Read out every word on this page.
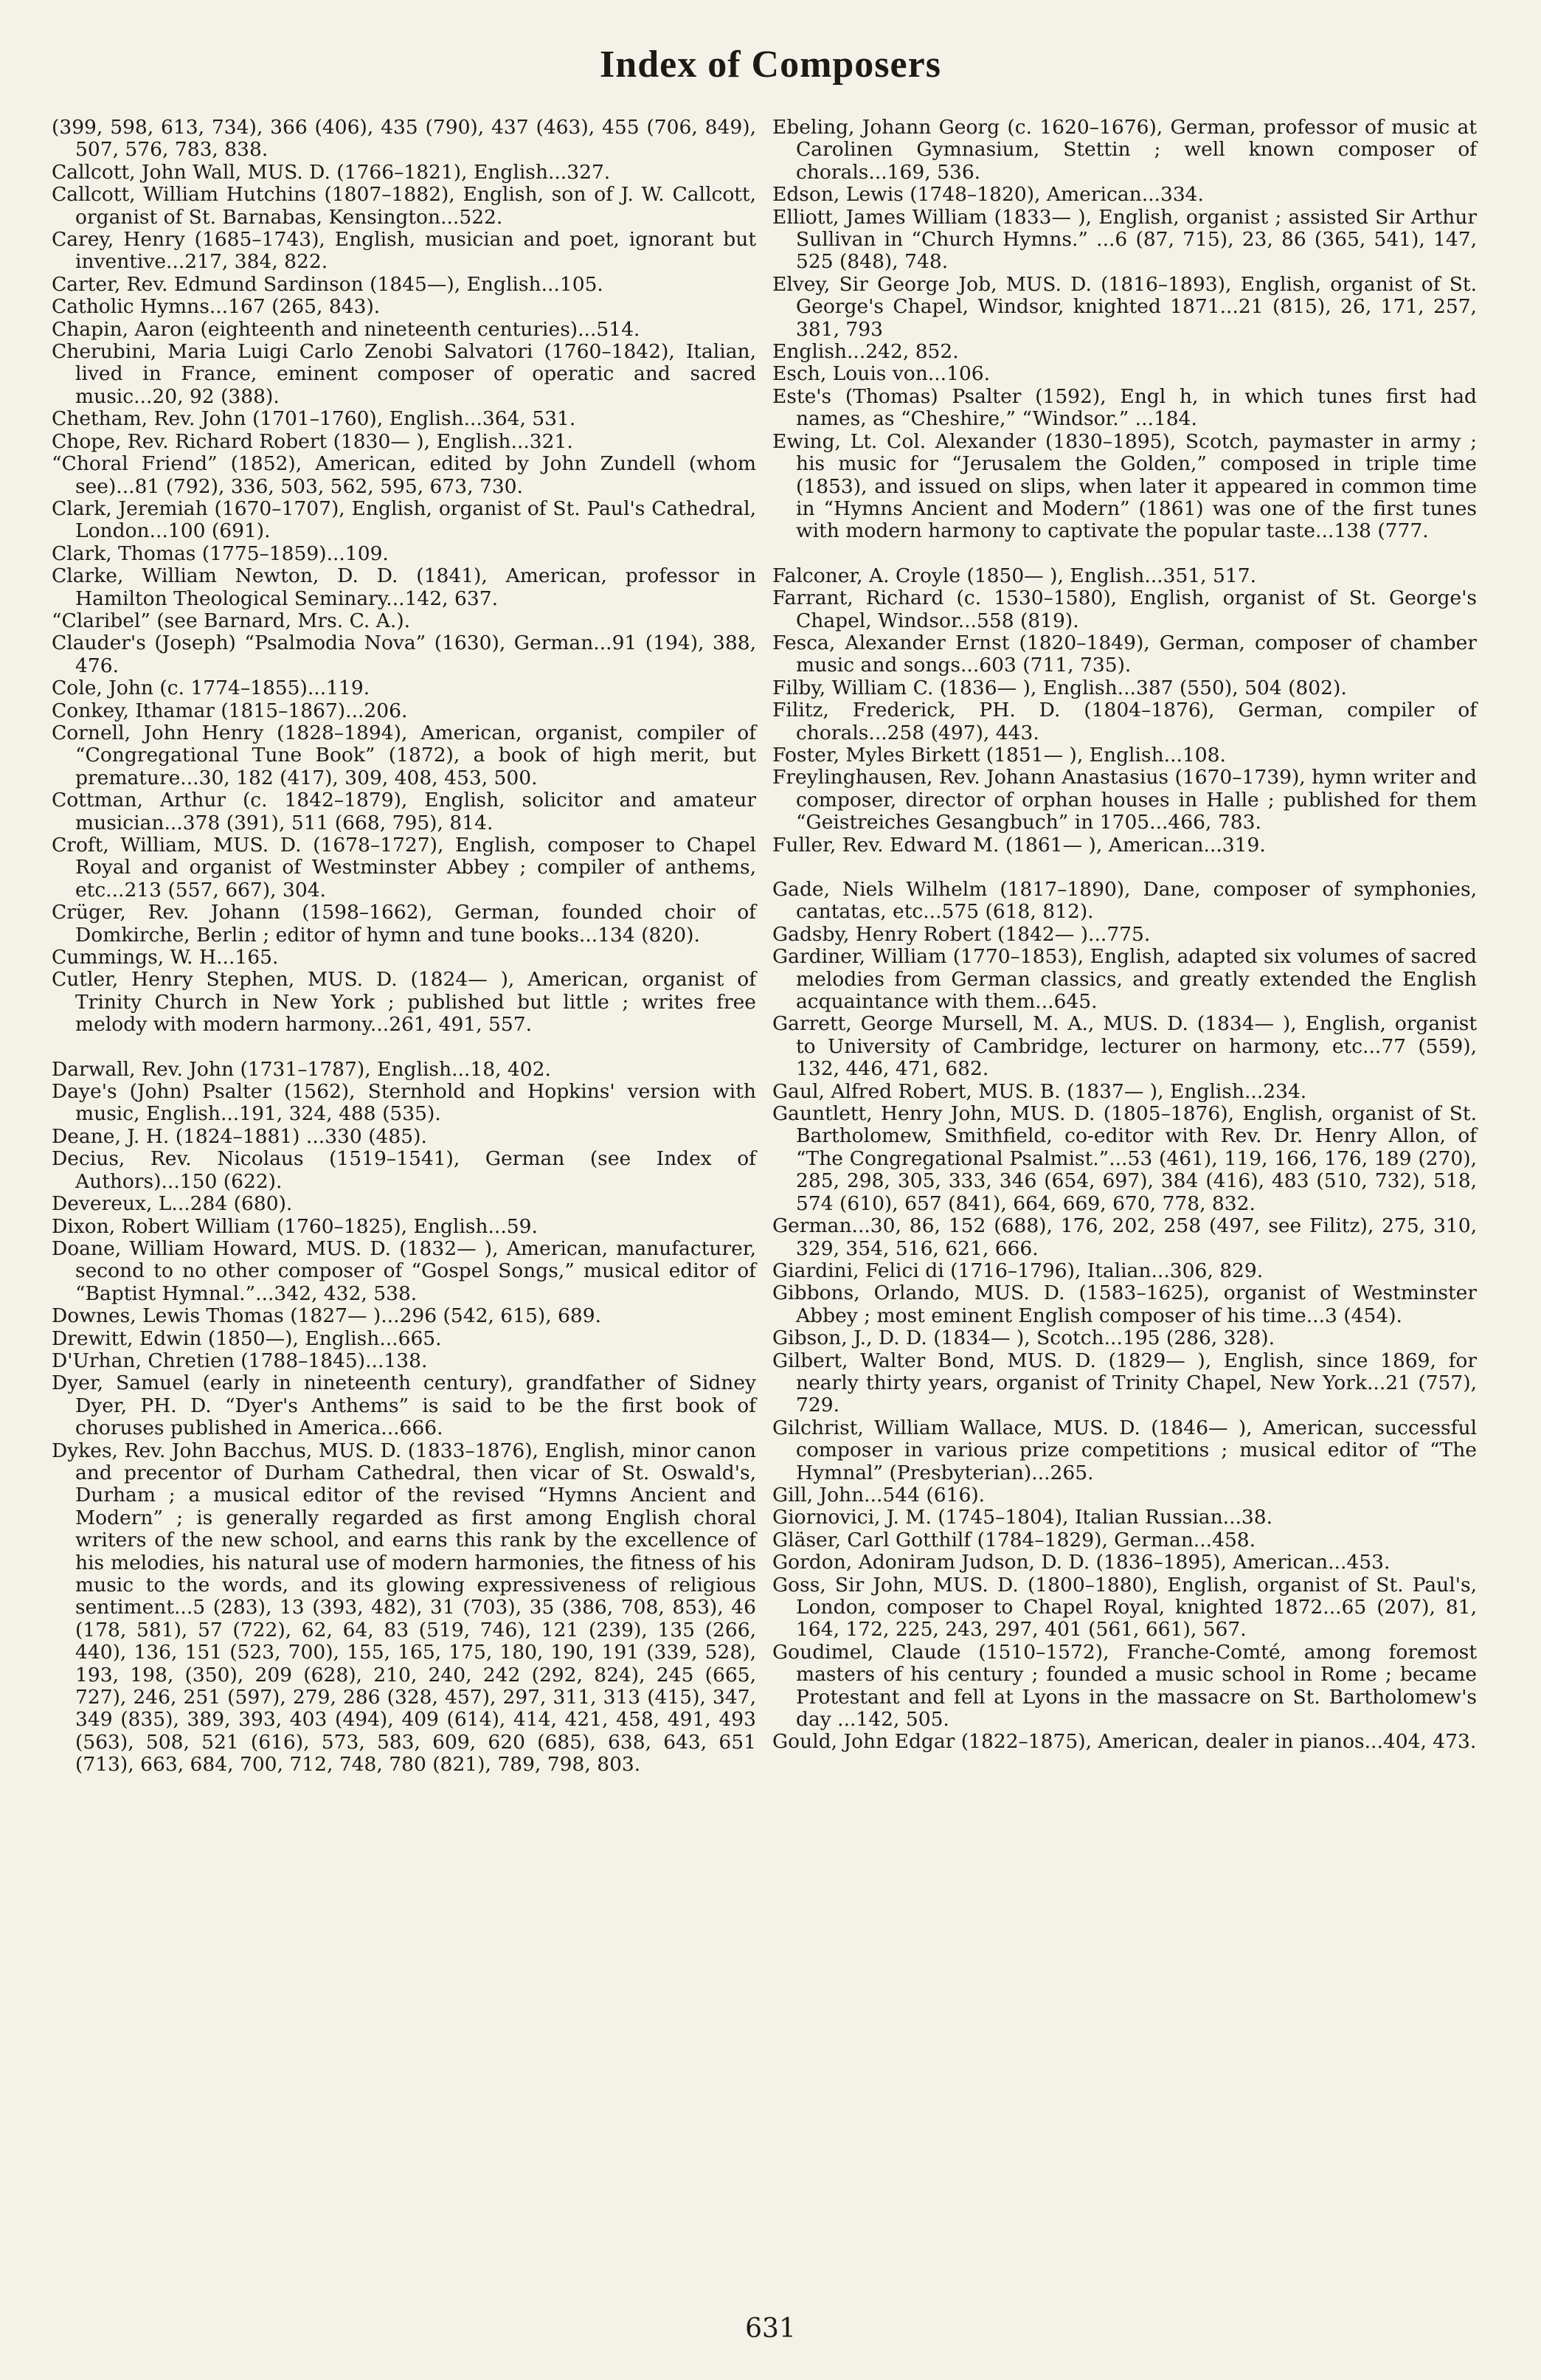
Index of Composers

(399, 598, 613, 734), 366 (406), 435 (790), 437 (463), 455 (706, 849), 507, 576, 783, 838.

Callcott, John Wall, MUS. D. (1766–1821), English...327.

Callcott, William Hutchins (1807–1882), English, son of J. W. Callcott, organist of St. Barnabas, Kensington...522.

Carey, Henry (1685–1743), English, musician and poet, ignorant but inventive...217, 384, 822.

Carter, Rev. Edmund Sardinson (1845—), English...105.

Catholic Hymns...167 (265, 843).

Chapin, Aaron (eighteenth and nineteenth centuries)...514.

Cherubini, Maria Luigi Carlo Zenobi Salvatori (1760–1842), Italian, lived in France, eminent composer of operatic and sacred music...20, 92 (388).

Chetham, Rev. John (1701–1760), English...364, 531.

Chope, Rev. Richard Robert (1830— ), English...321.

“Choral Friend” (1852), American, edited by John Zundell (whom see)...81 (792), 336, 503, 562, 595, 673, 730.

Clark, Jeremiah (1670–1707), English, organist of St. Paul's Cathedral, London...100 (691).

Clark, Thomas (1775–1859)...109.

Clarke, William Newton, D. D. (1841), American, professor in Hamilton Theological Seminary...142, 637.

“Claribel” (see Barnard, Mrs. C. A.).

Clauder's (Joseph) “Psalmodia Nova” (1630), German...91 (194), 388, 476.

Cole, John (c. 1774–1855)...119.

Conkey, Ithamar (1815–1867)...206.

Cornell, John Henry (1828–1894), American, organist, compiler of “Congregational Tune Book” (1872), a book of high merit, but premature...30, 182 (417), 309, 408, 453, 500.

Cottman, Arthur (c. 1842–1879), English, solicitor and amateur musician...378 (391), 511 (668, 795), 814.

Croft, William, MUS. D. (1678–1727), English, composer to Chapel Royal and organist of Westminster Abbey ; compiler of anthems, etc...213 (557, 667), 304.

Crüger, Rev. Johann (1598–1662), German, founded choir of Domkirche, Berlin ; editor of hymn and tune books...134 (820).

Cummings, W. H...165.

Cutler, Henry Stephen, MUS. D. (1824— ), American, organist of Trinity Church in New York ; published but little ; writes free melody with modern harmony...261, 491, 557.

Darwall, Rev. John (1731–1787), English...18, 402.

Daye's (John) Psalter (1562), Sternhold and Hopkins' version with music, English...191, 324, 488 (535).

Deane, J. H. (1824–1881) ...330 (485).

Decius, Rev. Nicolaus (1519–1541), German (see Index of Authors)...150 (622).

Devereux, L...284 (680).

Dixon, Robert William (1760–1825), English...59.

Doane, William Howard, MUS. D. (1832— ), American, manufacturer, second to no other composer of “Gospel Songs,” musical editor of “Baptist Hymnal.”...342, 432, 538.

Downes, Lewis Thomas (1827— )...296 (542, 615), 689.

Drewitt, Edwin (1850—), English...665.

D'Urhan, Chretien (1788–1845)...138.

Dyer, Samuel (early in nineteenth century), grandfather of Sidney Dyer, PH. D. “Dyer's Anthems” is said to be the first book of choruses published in America...666.

Dykes, Rev. John Bacchus, MUS. D. (1833–1876), English, minor canon and precentor of Durham Cathedral, then vicar of St. Oswald's, Durham ; a musical editor of the revised “Hymns Ancient and Modern” ; is generally regarded as first among English choral writers of the new school, and earns this rank by the excellence of his melodies, his natural use of modern harmonies, the fitness of his music to the words, and its glowing expressiveness of religious sentiment...5 (283), 13 (393, 482), 31 (703), 35 (386, 708, 853), 46 (178, 581), 57 (722), 62, 64, 83 (519, 746), 121 (239), 135 (266, 440), 136, 151 (523, 700), 155, 165, 175, 180, 190, 191 (339, 528), 193, 198, (350), 209 (628), 210, 240, 242 (292, 824), 245 (665, 727), 246, 251 (597), 279, 286 (328, 457), 297, 311, 313 (415), 347, 349 (835), 389, 393, 403 (494), 409 (614), 414, 421, 458, 491, 493 (563), 508, 521 (616), 573, 583, 609, 620 (685), 638, 643, 651 (713), 663, 684, 700, 712, 748, 780 (821), 789, 798, 803.

Ebeling, Johann Georg (c. 1620–1676), German, professor of music at Carolinen Gymnasium, Stettin ; well known composer of chorals...169, 536.

Edson, Lewis (1748–1820), American...334.

Elliott, James William (1833— ), English, organist ; assisted Sir Arthur Sullivan in “Church Hymns.” ...6 (87, 715), 23, 86 (365, 541), 147, 525 (848), 748.

Elvey, Sir George Job, MUS. D. (1816–1893), English, organist of St. George's Chapel, Windsor, knighted 1871...21 (815), 26, 171, 257, 381, 793

English...242, 852.

Esch, Louis von...106.

Este's (Thomas) Psalter (1592), Engl h, in which tunes first had names, as “Cheshire,” “Windsor.” ...184.

Ewing, Lt. Col. Alexander (1830–1895), Scotch, paymaster in army ; his music for “Jerusalem the Golden,” composed in triple time (1853), and issued on slips, when later it appeared in common time in “Hymns Ancient and Modern” (1861) was one of the first tunes with modern harmony to captivate the popular taste...138 (777.

Falconer, A. Croyle (1850— ), English...351, 517.

Farrant, Richard (c. 1530–1580), English, organist of St. George's Chapel, Windsor...558 (819).

Fesca, Alexander Ernst (1820–1849), German, composer of chamber music and songs...603 (711, 735).

Filby, William C. (1836— ), English...387 (550), 504 (802).

Filitz, Frederick, PH. D. (1804–1876), German, compiler of chorals...258 (497), 443.

Foster, Myles Birkett (1851— ), English...108.

Freylinghausen, Rev. Johann Anastasius (1670–1739), hymn writer and composer, director of orphan houses in Halle ; published for them “Geistreiches Gesangbuch” in 1705...466, 783.

Fuller, Rev. Edward M. (1861— ), American...319.

Gade, Niels Wilhelm (1817–1890), Dane, composer of symphonies, cantatas, etc...575 (618, 812).

Gadsby, Henry Robert (1842— )...775.

Gardiner, William (1770–1853), English, adapted six volumes of sacred melodies from German classics, and greatly extended the English acquaintance with them...645.

Garrett, George Mursell, M. A., MUS. D. (1834— ), English, organist to University of Cambridge, lecturer on harmony, etc...77 (559), 132, 446, 471, 682.

Gaul, Alfred Robert, MUS. B. (1837— ), English...234.

Gauntlett, Henry John, MUS. D. (1805–1876), English, organist of St. Bartholomew, Smithfield, co-editor with Rev. Dr. Henry Allon, of “The Congregational Psalmist.”...53 (461), 119, 166, 176, 189 (270), 285, 298, 305, 333, 346 (654, 697), 384 (416), 483 (510, 732), 518, 574 (610), 657 (841), 664, 669, 670, 778, 832.

German...30, 86, 152 (688), 176, 202, 258 (497, see Filitz), 275, 310, 329, 354, 516, 621, 666.

Giardini, Felici di (1716–1796), Italian...306, 829.

Gibbons, Orlando, MUS. D. (1583–1625), organist of Westminster Abbey ; most eminent English composer of his time...3 (454).

Gibson, J., D. D. (1834— ), Scotch...195 (286, 328).

Gilbert, Walter Bond, MUS. D. (1829— ), English, since 1869, for nearly thirty years, organist of Trinity Chapel, New York...21 (757), 729.

Gilchrist, William Wallace, MUS. D. (1846— ), American, successful composer in various prize competitions ; musical editor of “The Hymnal” (Presbyterian)...265.

Gill, John...544 (616).

Giornovici, J. M. (1745–1804), Italian Russian...38.

Gläser, Carl Gotthilf (1784–1829), German...458.

Gordon, Adoniram Judson, D. D. (1836–1895), American...453.

Goss, Sir John, MUS. D. (1800–1880), English, organist of St. Paul's, London, composer to Chapel Royal, knighted 1872...65 (207), 81, 164, 172, 225, 243, 297, 401 (561, 661), 567.

Goudimel, Claude (1510–1572), Franche-Comté, among foremost masters of his century ; founded a music school in Rome ; became Protestant and fell at Lyons in the massacre on St. Bartholomew's day ...142, 505.

Gould, John Edgar (1822–1875), American, dealer in pianos...404, 473.

631
